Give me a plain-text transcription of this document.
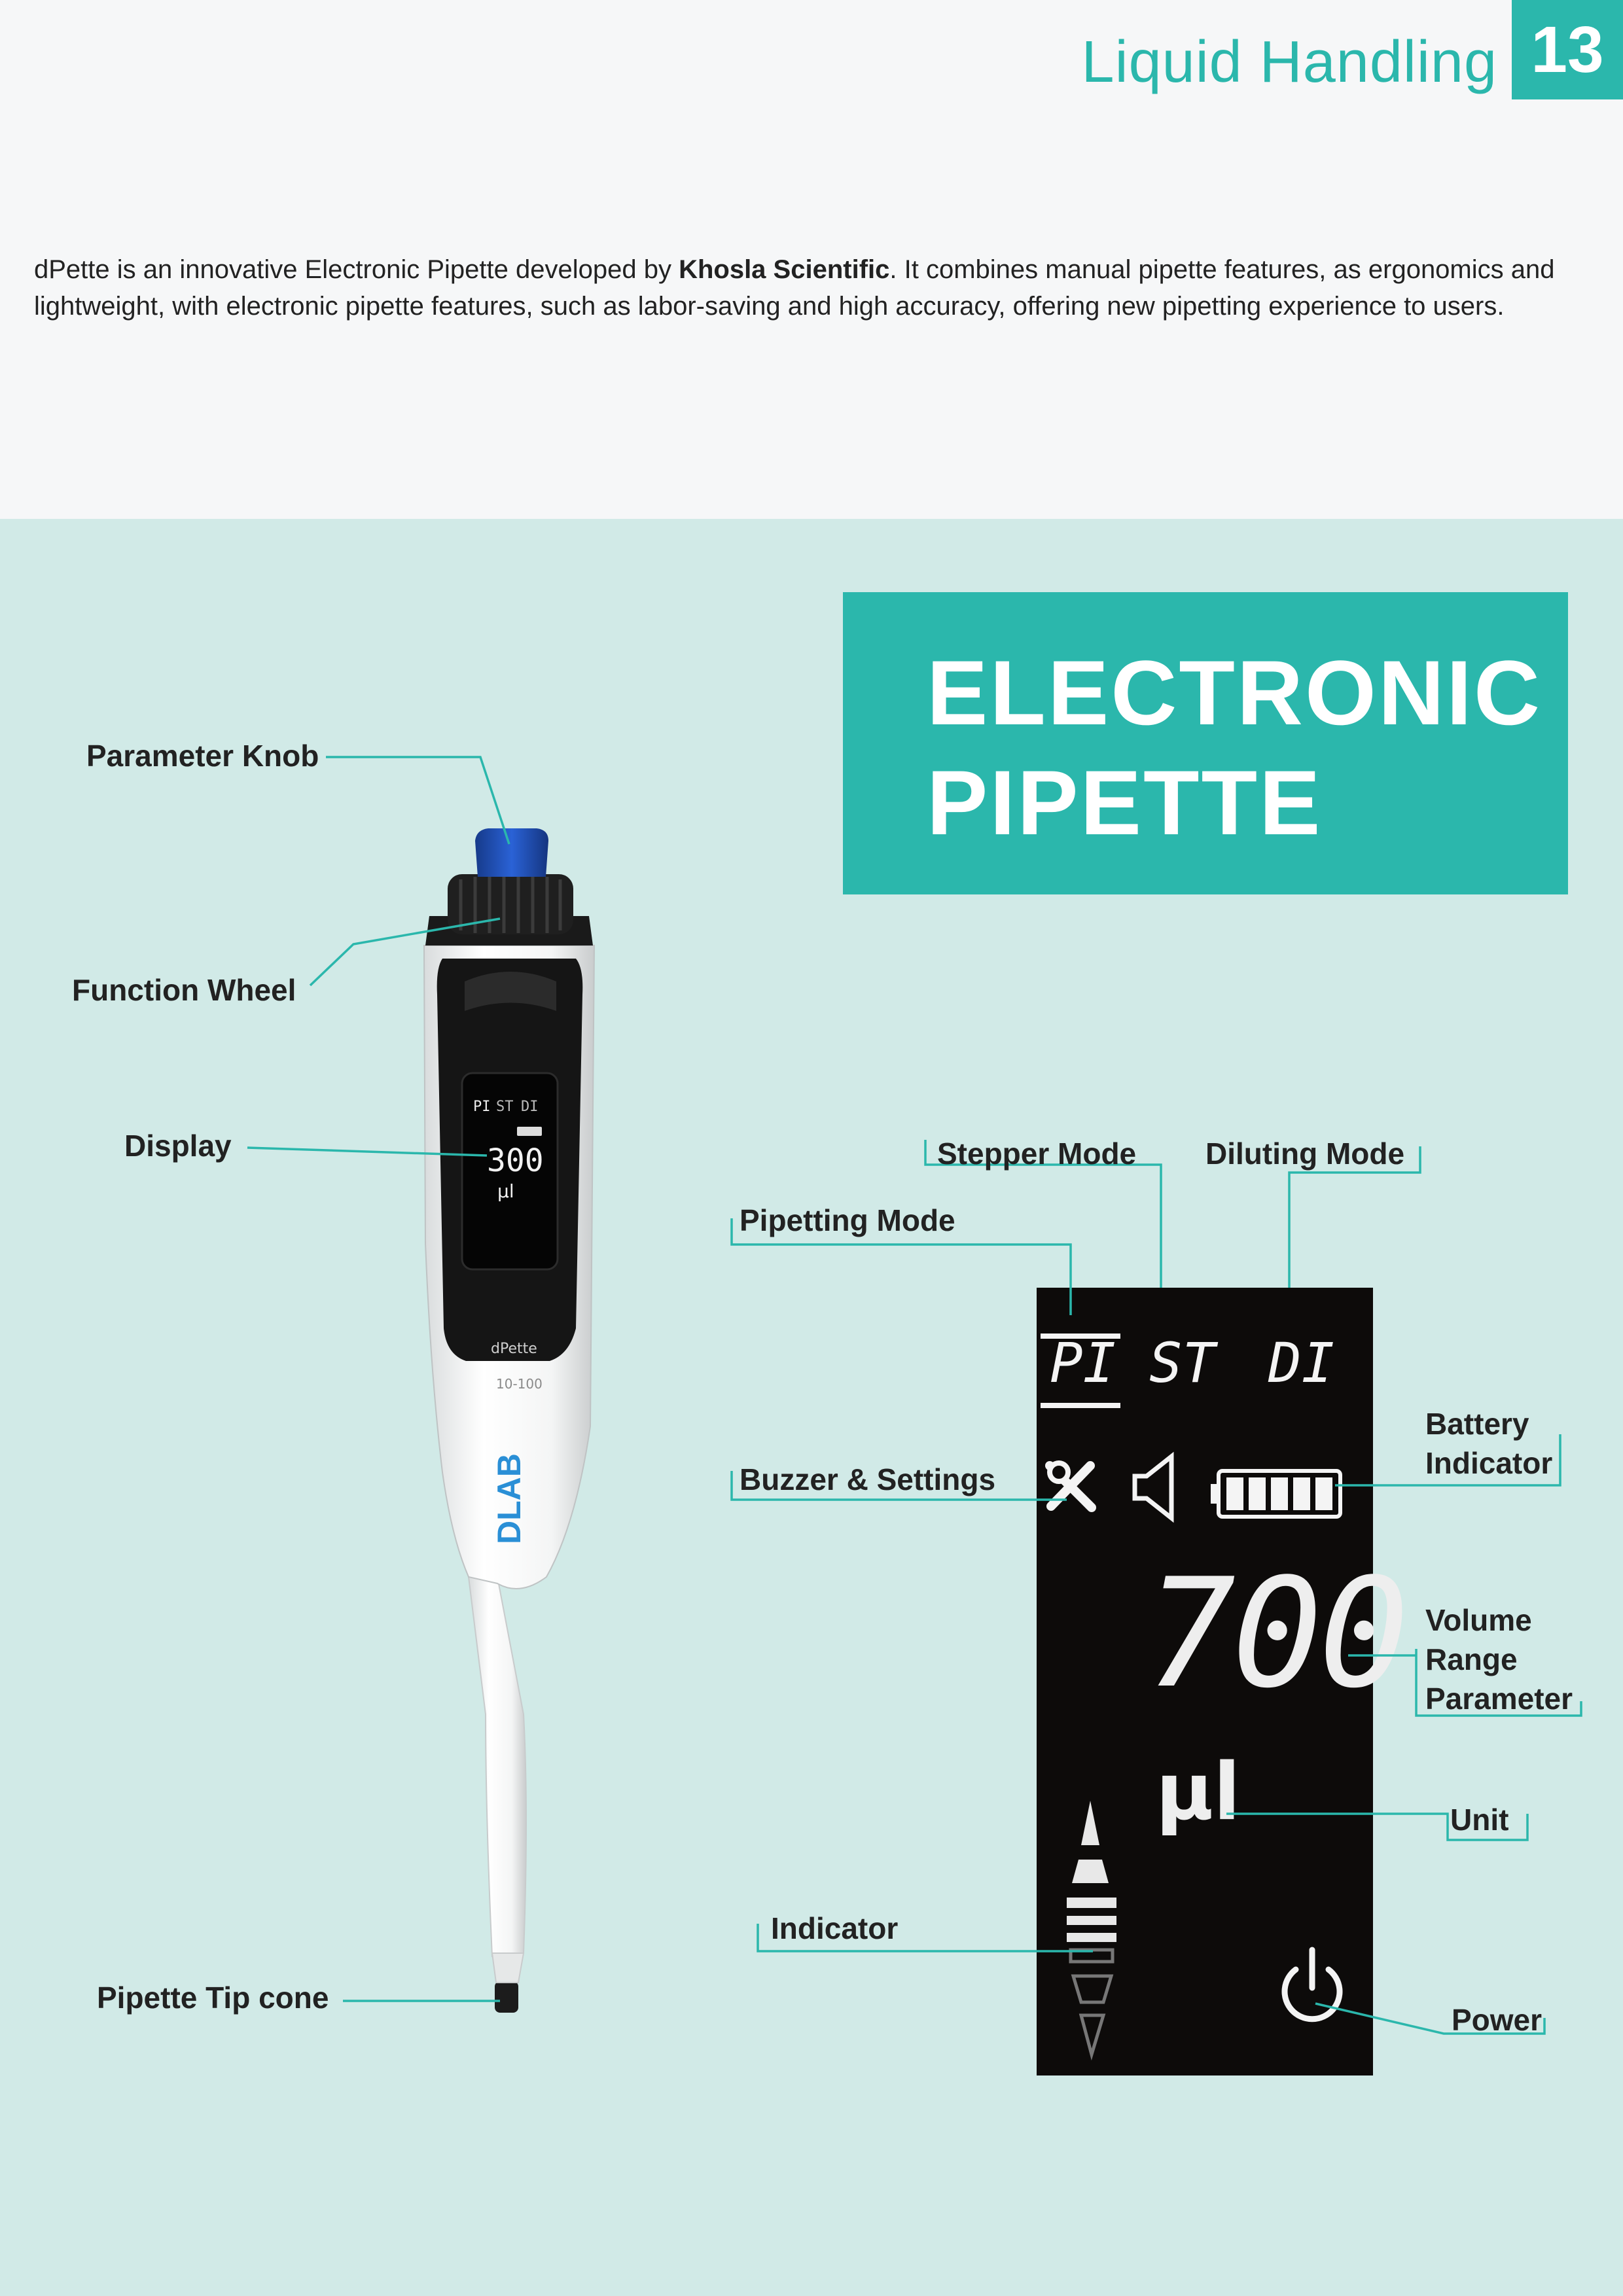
Liquid Handling 13
dPette is an innovative Electronic Pipette developed by Khosla Scientific. It combines manual pipette features, as ergonomics and lightweight, with electronic pipette features, such as labor-saving and high accuracy, offering new pipetting experience to users.
ELECTRONIC
PIPETTE
DLAB
PI ST DI
300
µl
dPette
10-100	PI ST DI
700
µl
Parameter Knob
Function Wheel
Display
Pipette Tip cone
Stepper Mode Diluting Mode
Pipetting Mode
Buzzer & Settings
Battery Indicator
Volume Range Parameter
Unit
Indicator
Power
